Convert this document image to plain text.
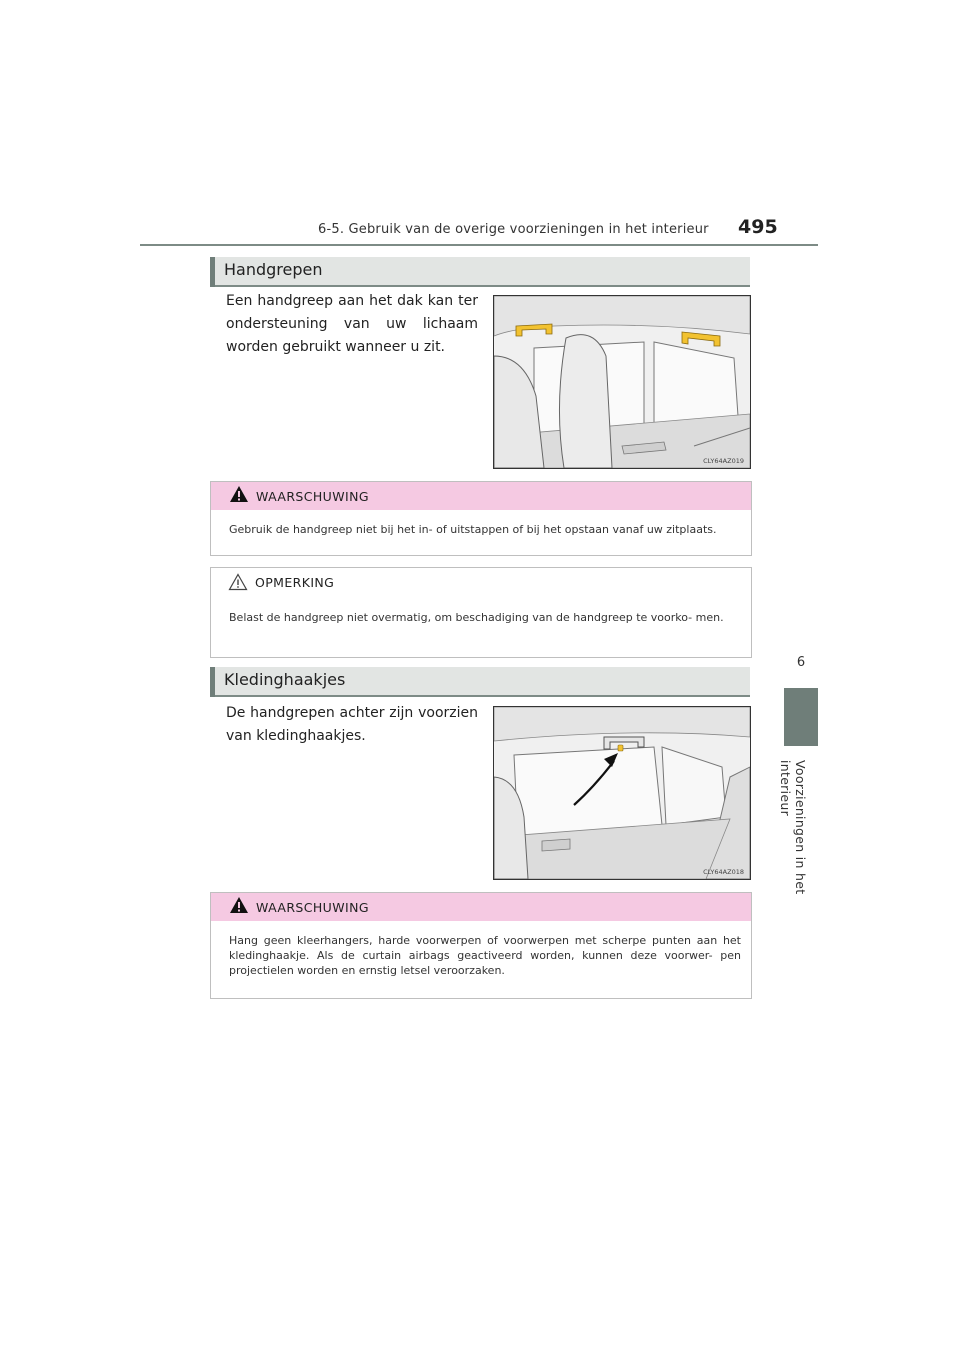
6-5. Gebruik van de overige voorzieningen in het interieur 495
6
Voorzieningen in het interieur
Handgrepen
Een handgreep aan het dak kan ter ondersteuning van uw lichaam worden gebruikt wanneer u zit.
CLY64AZ019
WAARSCHUWING
Gebruik de handgreep niet bij het in- of uitstappen of bij het opstaan vanaf uw zitplaats.
OPMERKING
Belast de handgreep niet overmatig, om beschadiging van de handgreep te voorko- men.
Kledinghaakjes
De handgrepen achter zijn voorzien van kledinghaakjes.
CLY64AZ018
WAARSCHUWING
Hang geen kleerhangers, harde voorwerpen of voorwerpen met scherpe punten aan het kledinghaakje. Als de curtain airbags geactiveerd worden, kunnen deze voorwer- pen projectielen worden en ernstig letsel veroorzaken.
